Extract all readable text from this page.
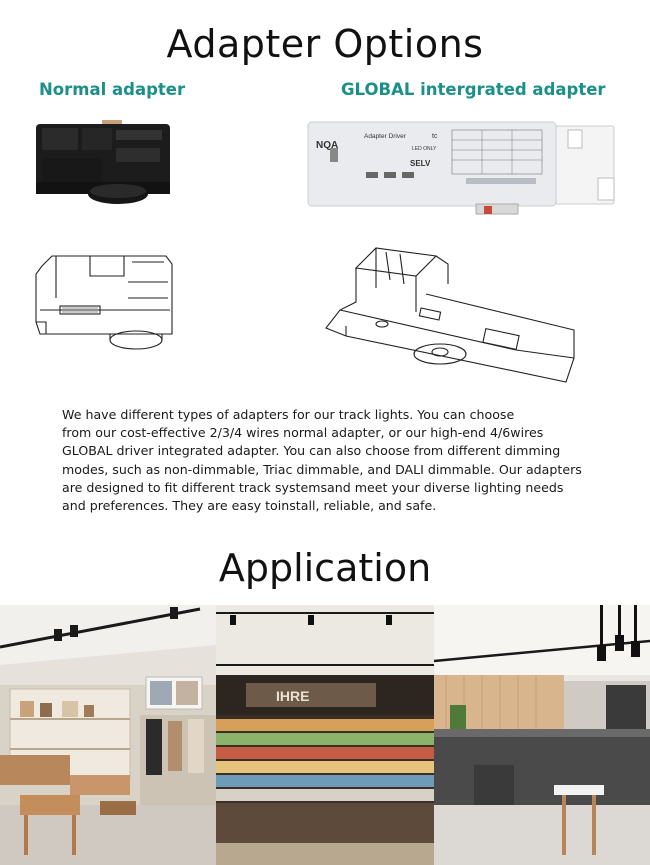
Adapter Options
Normal adapter	GLOBAL intergrated adapter
NQA
Adapter Driver	tc
LED ONLY
SELV

We have different types of adapters for our track lights. You can choose

from our cost-effective 2/3/4 wires normal adapter, or our high-end 4/6wires

GLOBAL driver integrated adapter. You can also choose from different dimming

modes, such as non-dimmable, Triac dimmable, and DALI dimmable. Our adapters

are designed to fit different track systemsand meet your diverse lighting needs

and preferences. They are easy toinstall, reliable, and safe.

Application
IHRE
